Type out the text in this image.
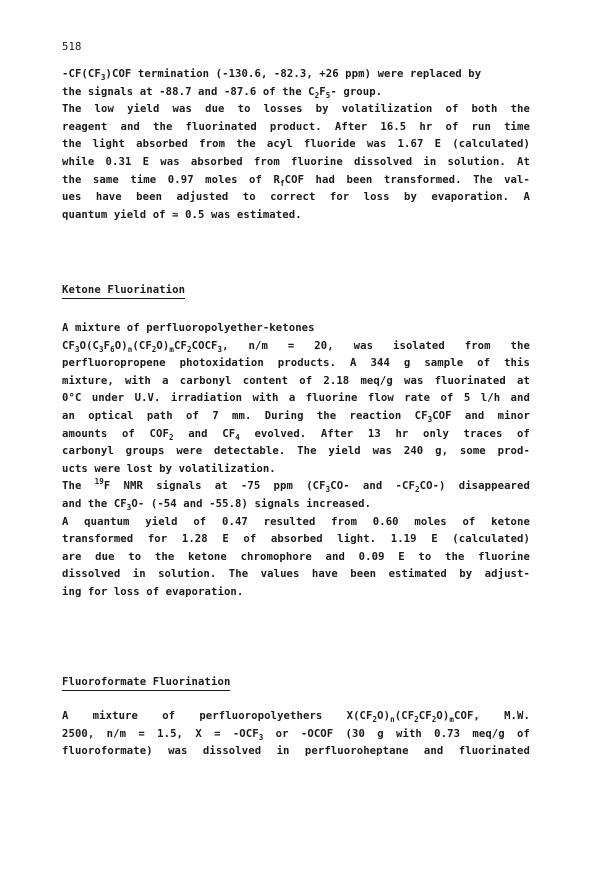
518
$-CF(CF_3)COF$ termination (-130.6, -82.3, +26 ppm) were replaced by
the signals at -88.7 and -87.6 of the $C_2F_5-$ group.
The low yield was due to losses by volatilization of both the
reagent and the fluorinated product. After 16.5 hr of run time
the light absorbed from the acyl fluoride was 1.67 E (calculated)
while 0.31 E was absorbed from fluorine dissolved in solution. At
the same time 0.97 moles of $R_fCOF$ had been transformed. The val-
ues have been adjusted to correct for loss by evaporation. A
quantum yield of ≃ 0.5 was estimated.
Ketone Fluorination
A mixture of perfluoropolyether-ketones
$CF_3O(C_3F_6O)_n(CF_2O)_mCF_2COCF_3$, n/m = 20, was isolated from the
perfluoropropene photoxidation products. A 344 g sample of this
mixture, with a carbonyl content of 2.18 meq/g was fluorinated at
0°C under U.V. irradiation with a fluorine flow rate of 5 l/h and
an optical path of 7 mm. During the reaction $CF_3COF$ and minor
amounts of $COF_2$ and $CF_4$ evolved. After 13 hr only traces of
carbonyl groups were detectable. The yield was 240 g, some prod-
ucts were lost by volatilization.
The $^{19}$F NMR signals at -75 ppm ($CF_3CO-$ and $-CF_2CO-$) disappeared
and the $CF_3O-$ (-54 and -55.8) signals increased.
A quantum yield of 0.47 resulted from 0.60 moles of ketone
transformed for 1.28 E of absorbed light. 1.19 E (calculated)
are due to the ketone chromophore and 0.09 E to the fluorine
dissolved in solution. The values have been estimated by adjust-
ing for loss of evaporation.
Fluoroformate Fluorination
A mixture of perfluoropolyethers $X(CF_2O)_n(CF_2CF_2O)_mCOF$, M.W.
2500, n/m = 1.5, $X = -OCF_3$ or -OCOF (30 g with 0.73 meq/g of
fluoroformate) was dissolved in perfluoroheptane and fluorinated
